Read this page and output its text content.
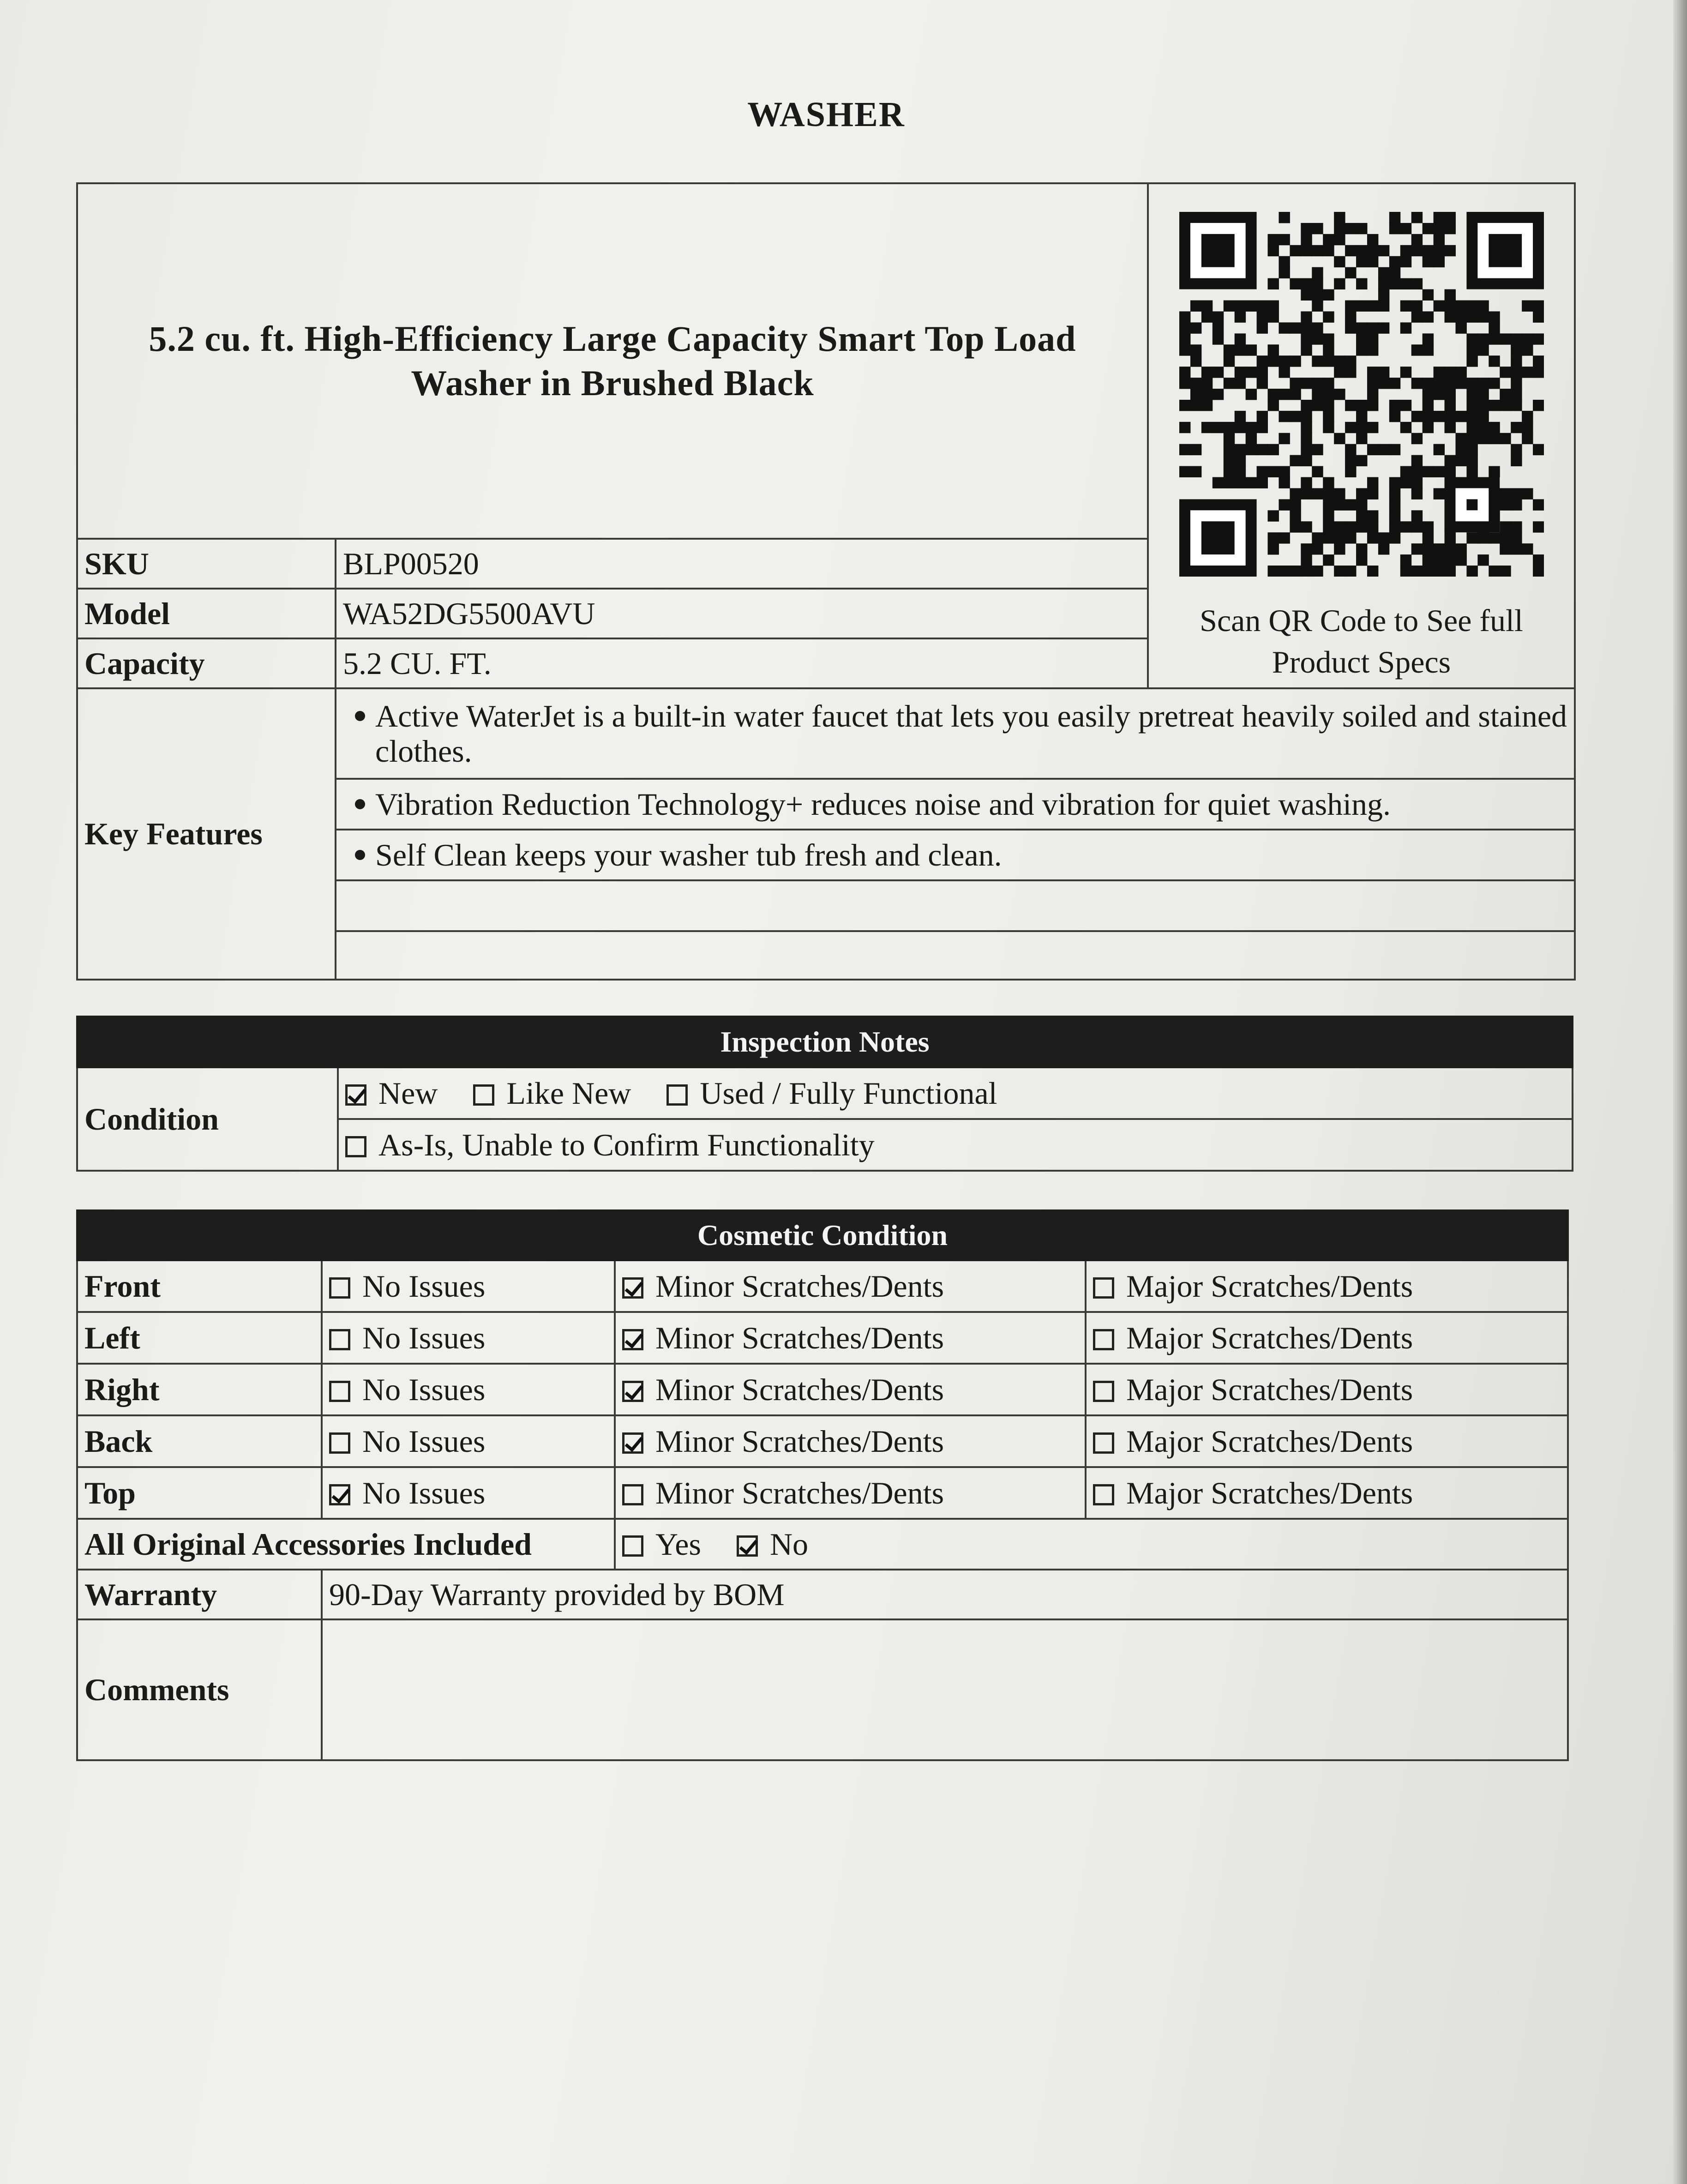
WASHER
5.2 cu. ft. High-Efficiency Large Capacity Smart Top Load Washer in Brushed Black		Scan QR Code to See full Product Specs

SKU	BLP00520	
Model	WA52DG5500AVU	
Capacity	5.2 CU. FT.	
Key Features	Active WaterJet is a built-in water faucet that lets you easily pretreat heavily soiled and stained clothes.	

	Vibration Reduction Technology+ reduces noise and vibration for quiet washing.	
	Self Clean keeps your washer tub fresh and clean.	

Inspection Notes
Condition	New Like New Used / Fully Functional
As-Is, Unable to Confirm Functionality
Cosmetic Condition			
Front	No Issues	Minor Scratches/Dents	Major Scratches/Dents
Left	No Issues	Minor Scratches/Dents	Major Scratches/Dents
Right	No Issues	Minor Scratches/Dents	Major Scratches/Dents
Back	No Issues	Minor Scratches/Dents	Major Scratches/Dents
Top	No Issues	Minor Scratches/Dents	Major Scratches/Dents
All Original Accessories Included		Yes No	
Warranty	90-Day Warranty provided by BOM		
Comments			
